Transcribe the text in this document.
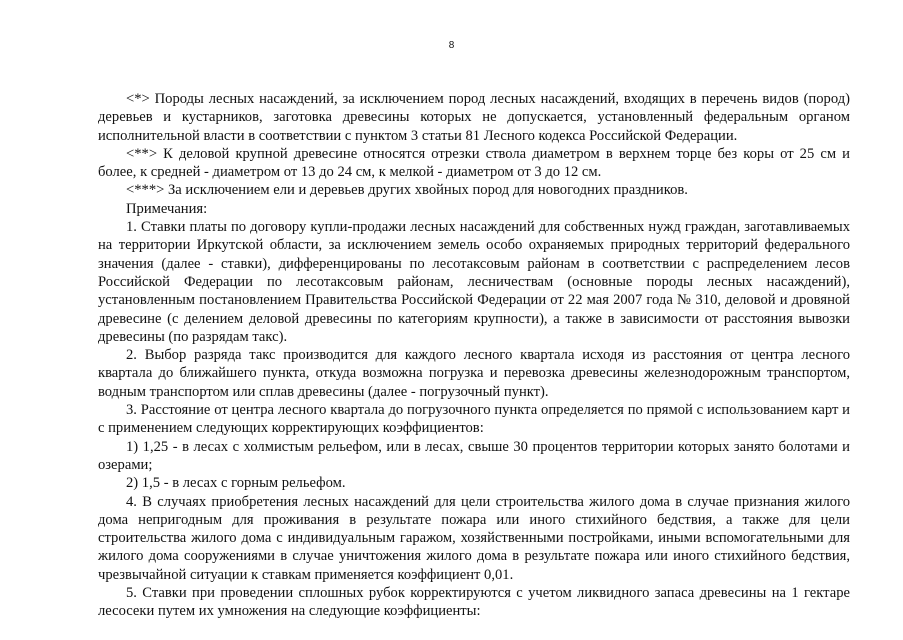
8

<*> Породы лесных насаждений, за исключением пород лесных насаждений, входящих в перечень видов (пород) деревьев и кустарников, заготовка древесины которых не допускается, установленный федеральным органом исполнительной власти в соответствии с пунктом 3 статьи 81 Лесного кодекса Российской Федерации.

<**> К деловой крупной древесине относятся отрезки ствола диаметром в верхнем торце без коры от 25 см и более, к средней - диаметром от 13 до 24 см, к мелкой - диаметром от 3 до 12 см.

<***> За исключением ели и деревьев других хвойных пород для новогодних праздников.

Примечания:

1. Ставки платы по договору купли-продажи лесных насаждений для собственных нужд граждан, заготавливаемых на территории Иркутской области, за исключением земель особо охраняемых природных территорий федерального значения (далее - ставки), дифференцированы по лесотаксовым районам в соответствии с распределением лесов Российской Федерации по лесотаксовым районам, лесничествам (основные породы лесных насаждений), установленным постановлением Правительства Российской Федерации от 22 мая 2007 года № 310, деловой и дровяной древесине (с делением деловой древесины по категориям крупности), а также в зависимости от расстояния вывозки древесины (по разрядам такс).

2. Выбор разряда такс производится для каждого лесного квартала исходя из расстояния от центра лесного квартала до ближайшего пункта, откуда возможна погрузка и перевозка древесины железнодорожным транспортом, водным транспортом или сплав древесины (далее - погрузочный пункт).

3. Расстояние от центра лесного квартала до погрузочного пункта определяется по прямой с использованием карт и с применением следующих корректирующих коэффициентов:

1) 1,25 - в лесах с холмистым рельефом, или в лесах, свыше 30 процентов территории которых занято болотами и озерами;

2) 1,5 - в лесах с горным рельефом.

4. В случаях приобретения лесных насаждений для цели строительства жилого дома в случае признания жилого дома непригодным для проживания в результате пожара или иного стихийного бедствия, а также для цели строительства жилого дома с индивидуальным гаражом, хозяйственными постройками, иными вспомогательными для жилого дома сооружениями в случае уничтожения жилого дома в результате пожара или иного стихийного бедствия, чрезвычайной ситуации к ставкам применяется коэффициент 0,01.

5. Ставки при проведении сплошных рубок корректируются с учетом ликвидного запаса древесины на 1 гектаре лесосеки путем их умножения на следующие коэффициенты:
